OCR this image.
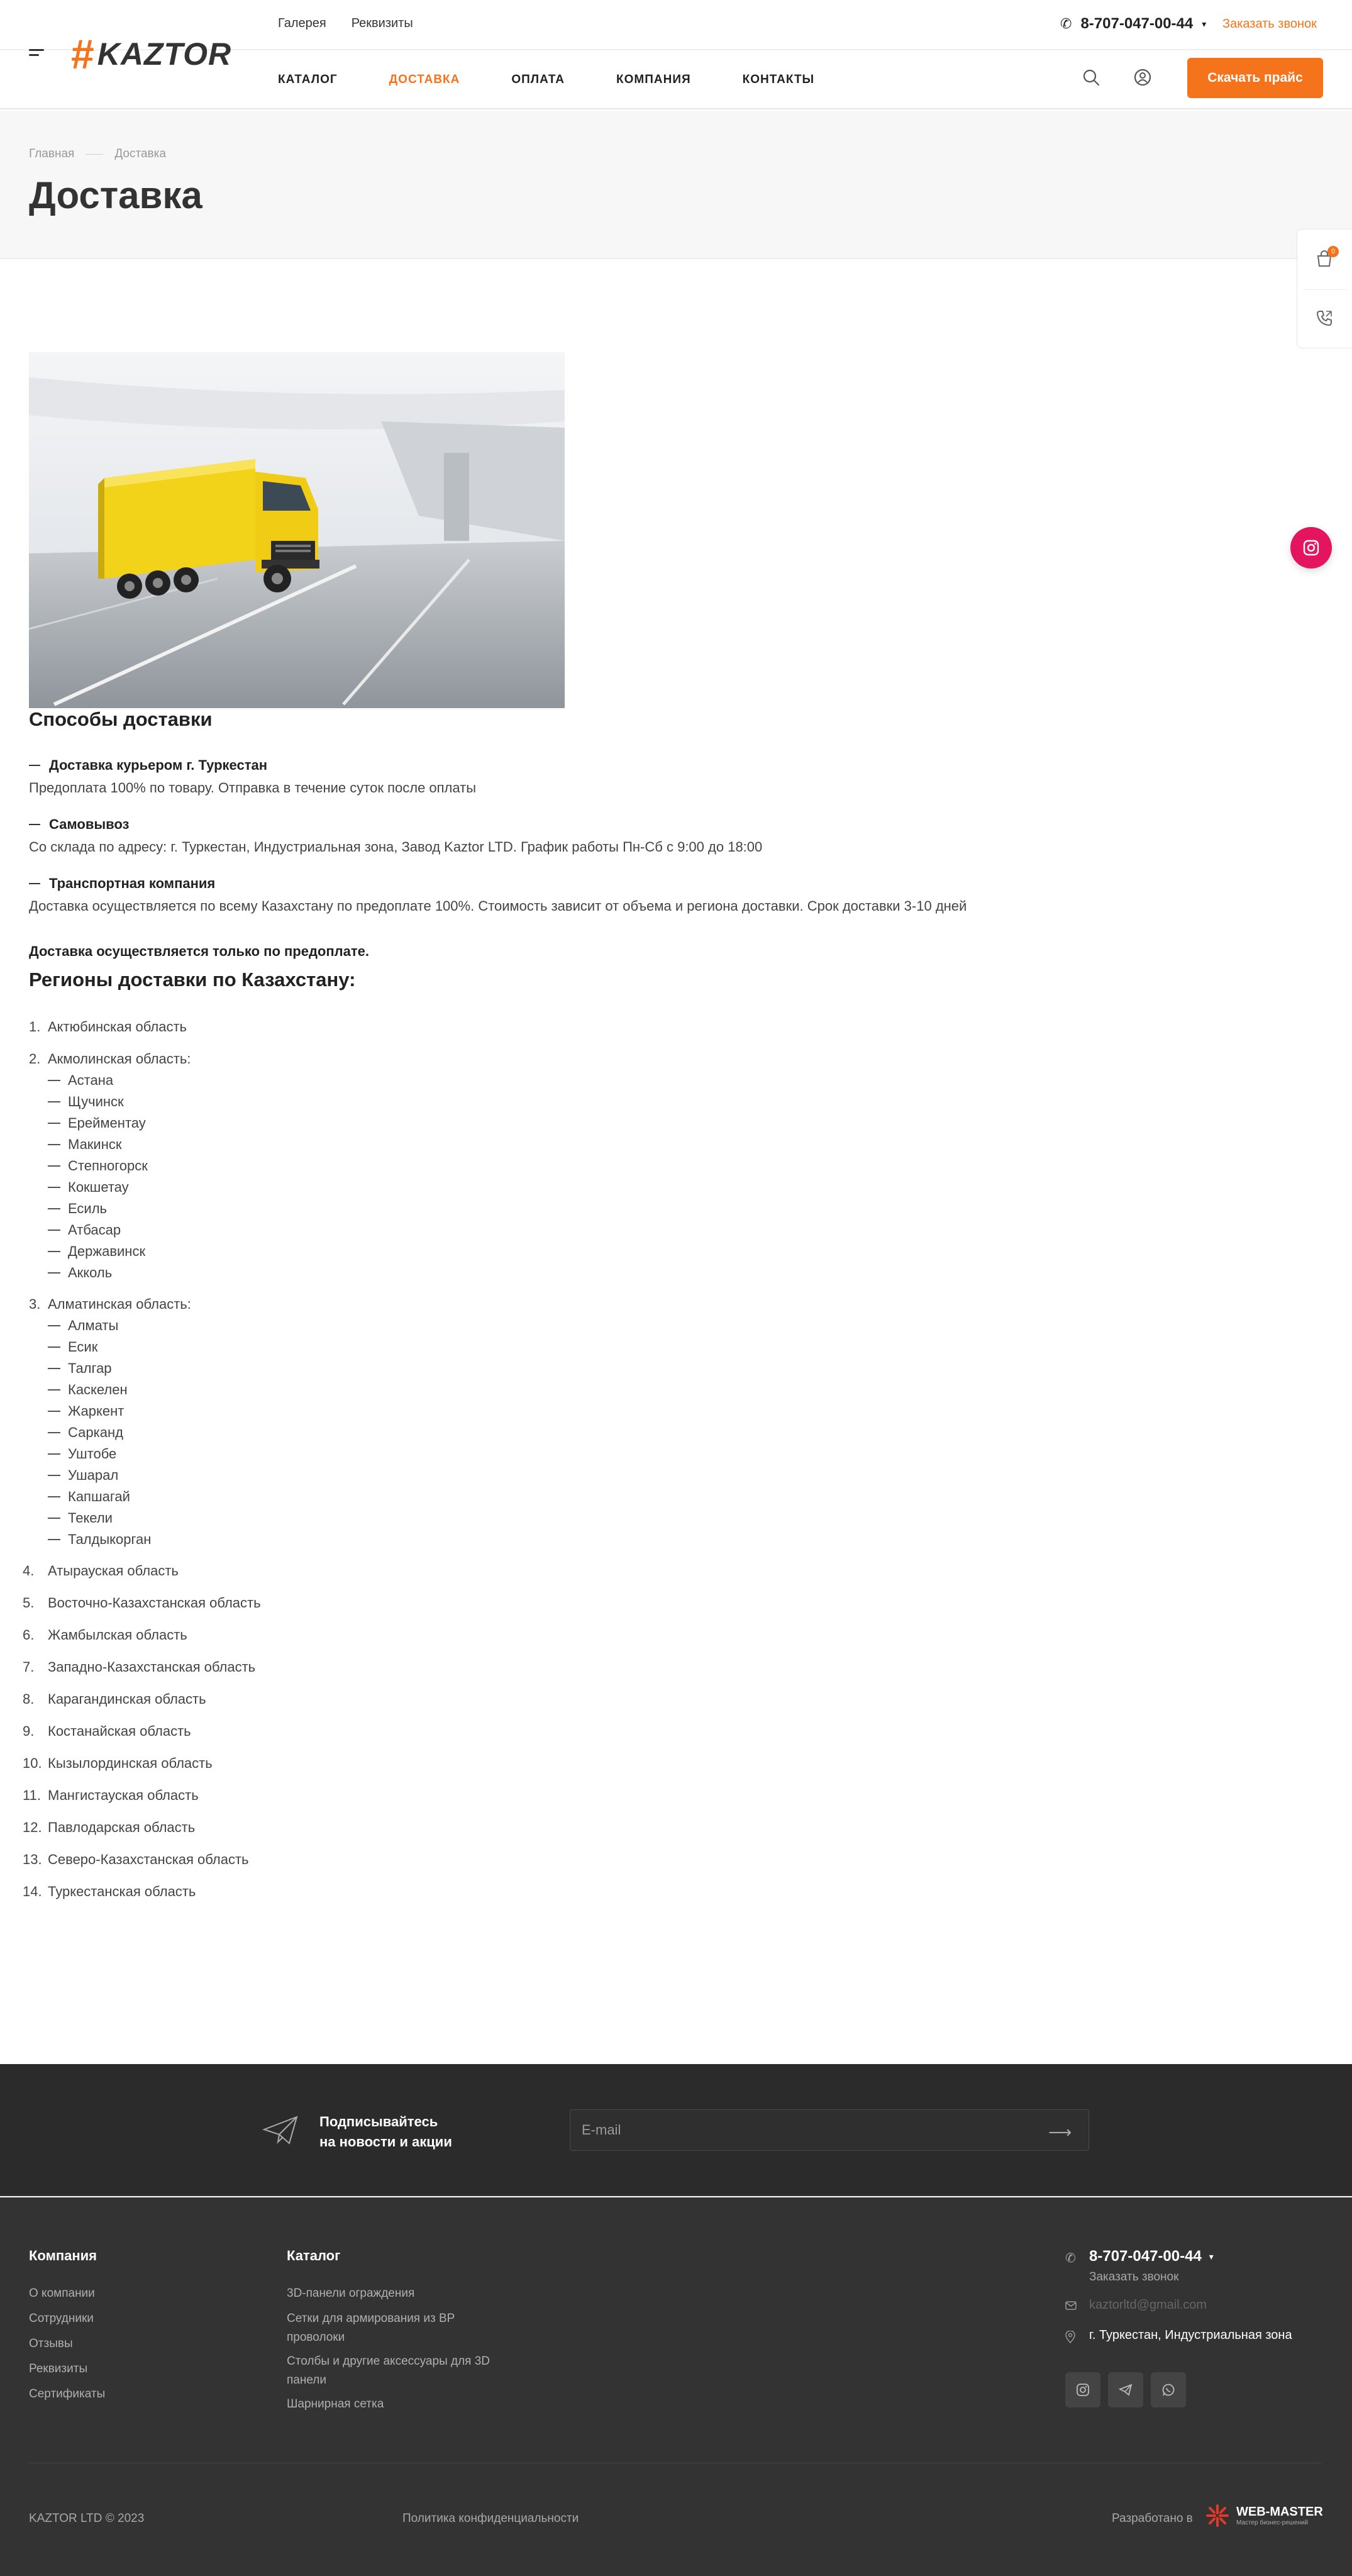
Галерея Реквизиты	✆ 8-707-047-00-44 ▾ Заказать звонок
# KAZTOR
КАТАЛОГ	ДОСТАВКА	ОПЛАТА	КОМПАНИЯ	КОНТАКТЫ	Скачать прайс
Главная	Доставка
Доставка
0
Способы доставки
Доставка курьером г. Туркестан
Предоплата 100% по товару. Отправка в течение суток после оплаты
Самовывоз
Со склада по адресу: г. Туркестан, Индустриальная зона, Завод Kaztor LTD. График работы Пн-Сб с 9:00 до 18:00
Транспортная компания
Доставка осуществляется по всему Казахстану по предоплате 100%. Стоимость зависит от объема и региона доставки. Срок доставки 3-10 дней
Доставка осуществляется только по предоплате.
Регионы доставки по Казахстану:
1. Актюбинская область
2. Акмолинская область:
Астана
Щучинск
Ерейментау
Макинск
Степногорск
Кокшетау
Есиль
Атбасар
Державинск
Акколь
3. Алматинская область:
Алматы
Есик
Талгар
Каскелен
Жаркент
Сарканд
Уштобе
Ушарал
Капшагай
Текели
Талдыкорган
4. Атырауская область
5. Восточно-Казахстанская область
6. Жамбылская область
7. Западно-Казахстанская область
8. Карагандинская область
9. Костанайская область
10. Кызылординская область
11. Мангистауская область
12. Павлодарская область
13. Северо-Казахстанская область
14. Туркестанская область
Подписывайтесь
на новости и акции
E-mail
⟶
Компания
О компании
Сотрудники
Отзывы
Реквизиты
Сертификаты
Каталог
3D-панели ограждения
Сетки для армирования из ВР проволоки
Столбы и другие аксессуары для 3D панели
Шарнирная сетка
✆ 8-707-047-00-44 ▾
Заказать звонок
kaztorltd@gmail.com
г. Туркестан, Индустриальная зона
KAZTOR LTD © 2023	Политика конфиденциальности	Разработано в	WEB-MASTER
Мастер бизнес-решений
